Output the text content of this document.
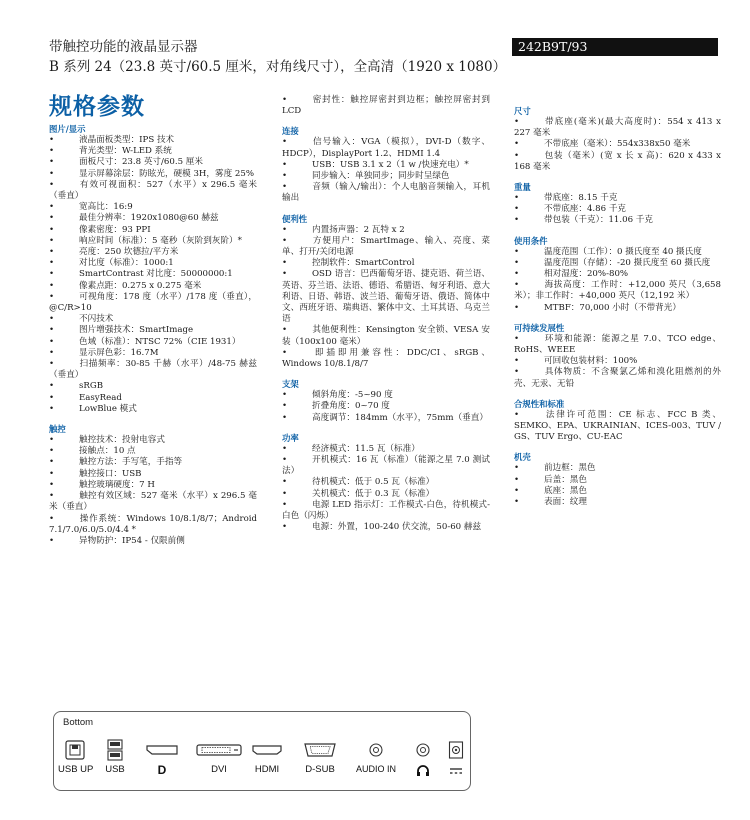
带触控功能的液晶显示器
B 系列 24（23.8 英寸/60.5 厘米，对角线尺寸），全高清（1920 x 1080）
242B9T/93
规格参数
图片/显示
•	液晶面板类型：IPS 技术
•	背光类型：W-LED 系统
•	面板尺寸：23.8 英寸/60.5 厘米
•	显示屏幕涂层：防眩光，硬模 3H，雾度 25%
•	有效可视面积：527（水平）x 296.5 毫米（垂直）
•	宽高比：16:9
•	最佳分辨率：1920x1080@60 赫兹
•	像素密度：93 PPI
•	响应时间（标准）：5 毫秒（灰阶到灰阶）*
•	亮度：250 坎德拉/平方米
•	对比度（标准）：1000:1
•	SmartContrast 对比度：50000000:1
•	像素点距：0.275 x 0.275 毫米
•	可视角度：178 度（水平）/178 度（垂直），@C/R>10
•	不闪技术
•	图片增强技术：SmartImage
•	色域（标准）：NTSC 72%（CIE 1931）
•	显示屏色彩：16.7M
•	扫描频率：30-85 千赫（水平）/48-75 赫兹（垂直）
•	sRGB
•	EasyRead
•	LowBlue 模式
触控
•	触控技术：投射电容式
•	接触点：10 点
•	触控方法：手写笔，手指等
•	触控接口：USB
•	触控玻璃硬度：7 H
•	触控有效区域：527 毫米（水平）x 296.5 毫米（垂直）
•	操作系统：Windows 10/8.1/8/7；Android 7.1/7.0/6.0/5.0/4.4 *
•	异物防护：IP54 - 仅限前侧
•	密封性：触控屏密封到边框；触控屏密封到 LCD
连接
•	信号输入：VGA（模拟），DVI-D（数字、HDCP），DisplayPort 1.2、HDMI 1.4
•	USB：USB 3.1 x 2（1 w /快速充电）*
•	同步输入：单独同步；同步时呈绿色
•	音频（输入/输出）：个人电脑音频输入，耳机输出
便利性
•	内置扬声器：2 瓦特 x 2
•	方便用户：SmartImage、输入、亮度、菜单、打开/关闭电源
•	控制软件：SmartControl
•	OSD 语言：巴西葡萄牙语、捷克语、荷兰语、英语、芬兰语、法语、德语、希腊语、匈牙利语、意大利语、日语、韩语、波兰语、葡萄牙语、俄语、简体中文、西班牙语、瑞典语、繁体中文、土耳其语、乌克兰语
•	其他便利性：Kensington 安全锁、VESA 安装（100x100 毫米）
•	即插即用兼容性：DDC/CI、sRGB、Windows 10/8.1/8/7
支架
•	倾斜角度：-5~90 度
•	折叠角度：0~70 度
•	高度调节：184mm（水平），75mm（垂直）
功率
•	经济模式：11.5 瓦（标准）
•	开机模式：16 瓦（标准）（能源之星 7.0 测试法）
•	待机模式：低于 0.5 瓦（标准）
•	关机模式：低于 0.3 瓦（标准）
•	电源 LED 指示灯：工作模式-白色，待机模式-白色（闪烁）
•	电源：外置，100-240 伏交流，50-60 赫兹
尺寸
•	带底座(毫米)(最大高度时)：554 x 413 x 227 毫米
•	不带底座（毫米）：554x338x50 毫米
•	包装（毫米）(宽 x 长 x 高)：620 x 433 x 168 毫米
重量
•	带底座：8.15 千克
•	不带底座：4.86 千克
•	带包装（千克）：11.06 千克
使用条件
•	温度范围（工作）：0 摄氏度至 40 摄氏度
•	温度范围（存储）：-20 摄氏度至 60 摄氏度
•	相对湿度：20%-80%
•	海拔高度：工作时：+12,000 英尺（3,658 米）；非工作时：+40,000 英尺（12,192 米）
•	MTBF：70,000 小时（不带背光）
可持续发展性
•	环境和能源：能源之星 7.0、TCO edge、RoHS、WEEE
•	可回收包装材料：100%
•	具体物质：不含聚氯乙烯和溴化阻燃剂的外壳、无汞、无铅
合规性和标准
•	法律许可范围：CE 标志、FCC B 类、SEMKO、EPA、UKRAINIAN、ICES-003、TUV / GS、TUV Ergo、CU-EAC
机壳
•	前边框：黑色
•	后盖：黑色
•	底座：黑色
•	表面：纹理
Bottom
USB UP	USB	D	DVI	HDMI	D-SUB	AUDIO IN
